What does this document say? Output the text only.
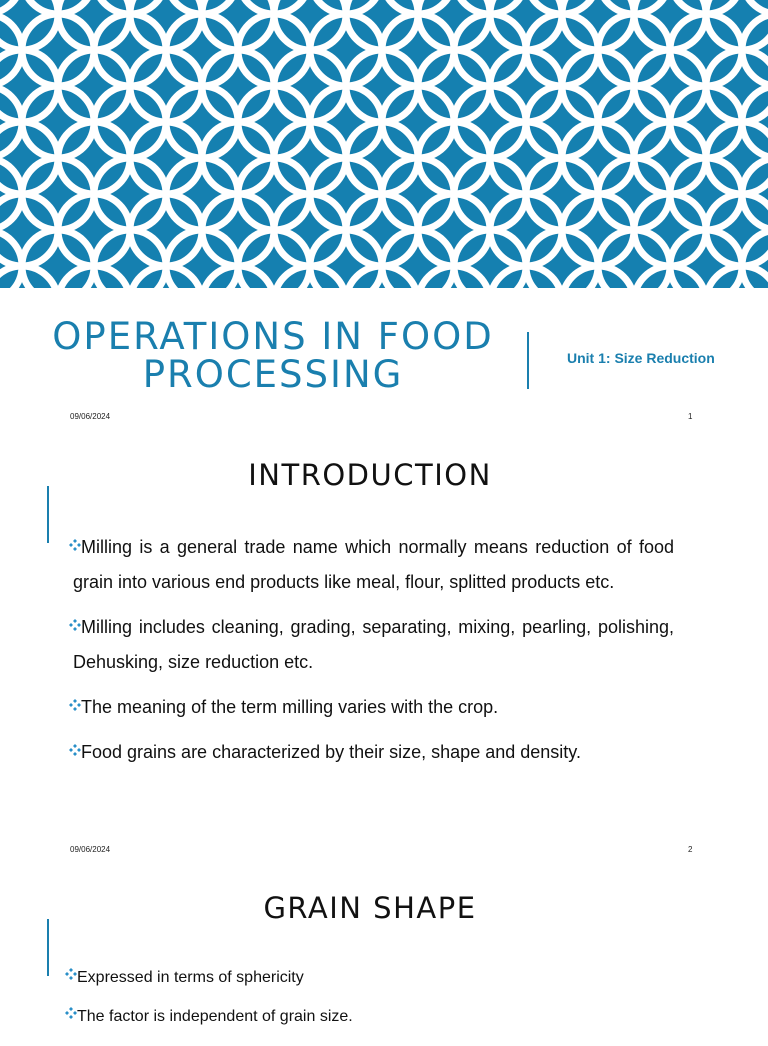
OPERATIONS IN FOOD PROCESSING	Unit 1: Size Reduction
09/06/2024	1
INTRODUCTION
Milling is a general trade name which normally means reduction of food grain into various end products like meal, flour, splitted products etc.
Milling includes cleaning, grading, separating, mixing, pearling, polishing, Dehusking, size reduction etc.
The meaning of the term milling varies with the crop.
Food grains are characterized by their size, shape and density.
09/06/2024	2
GRAIN SHAPE
Expressed in terms of sphericity
The factor is independent of grain size.
